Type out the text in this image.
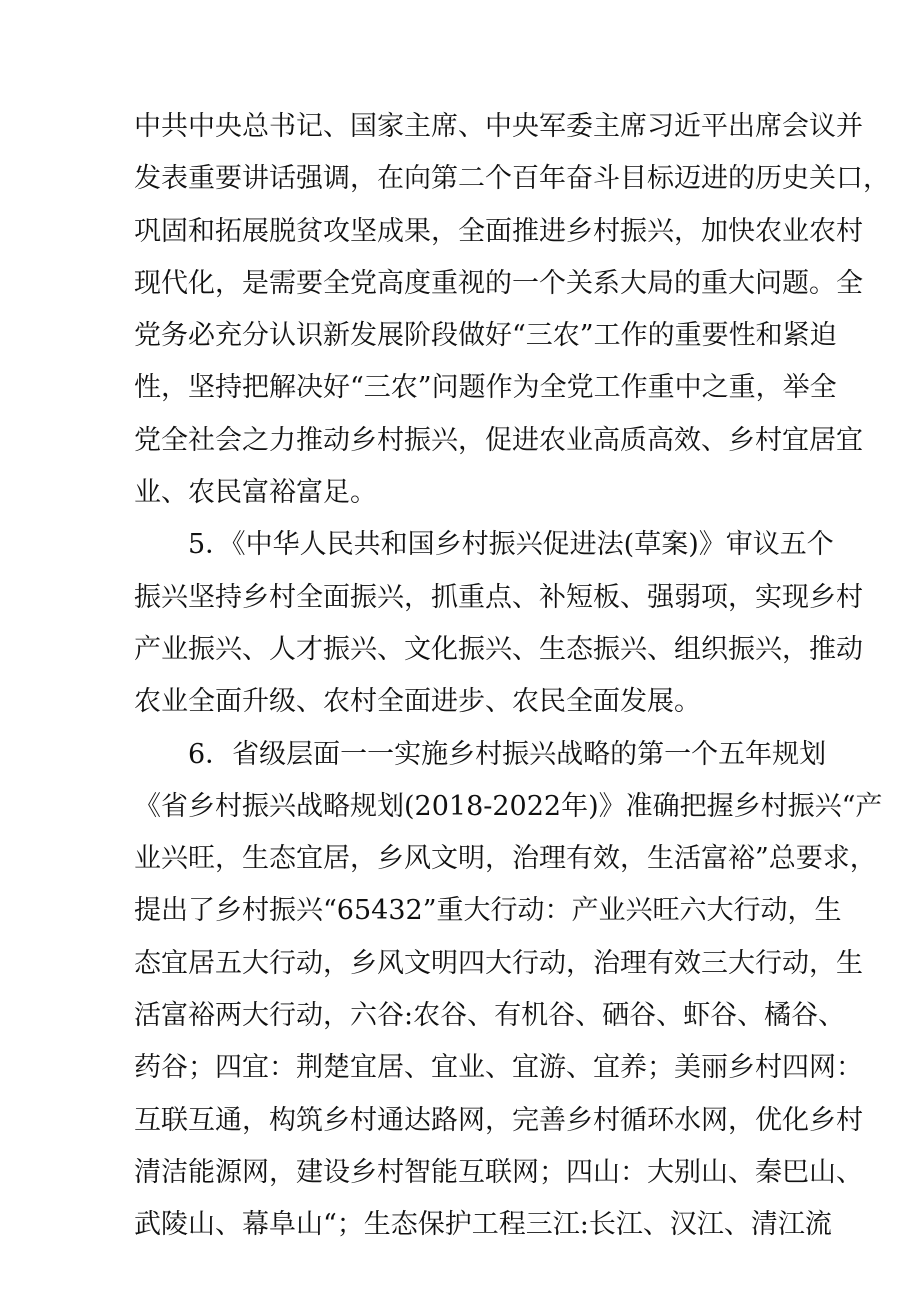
中共中央总书记、国家主席、中央军委主席习近平出席会议并
发表重要讲话强调，在向第二个百年奋斗目标迈进的历史关口，
巩固和拓展脱贫攻坚成果，全面推进乡村振兴，加快农业农村
现代化，是需要全党高度重视的一个关系大局的重大问题。全
党务必充分认识新发展阶段做好“三农”工作的重要性和紧迫
性，坚持把解决好“三农”问题作为全党工作重中之重，举全
党全社会之力推动乡村振兴，促进农业高质高效、乡村宜居宜
业、农民富裕富足。
5．《中华人民共和国乡村振兴促进法(草案)》审议五个
振兴坚持乡村全面振兴，抓重点、补短板、强弱项，实现乡村
产业振兴、人才振兴、文化振兴、生态振兴、组织振兴，推动
农业全面升级、农村全面进步、农民全面发展。
6．省级层面一一实施乡村振兴战略的第一个五年规划
《省乡村振兴战略规划(2018-2022年)》准确把握乡村振兴“产
业兴旺，生态宜居，乡风文明，治理有效，生活富裕”总要求，
提出了乡村振兴“65432”重大行动：产业兴旺六大行动，生
态宜居五大行动，乡风文明四大行动，治理有效三大行动，生
活富裕两大行动，六谷:农谷、有机谷、硒谷、虾谷、橘谷、
药谷；四宜：荆楚宜居、宜业、宜游、宜养；美丽乡村四网：
互联互通，构筑乡村通达路网，完善乡村循环水网，优化乡村
清洁能源网，建设乡村智能互联网；四山：大别山、秦巴山、
武陵山、幕阜山“；生态保护工程三江:长江、汉江、清江流
